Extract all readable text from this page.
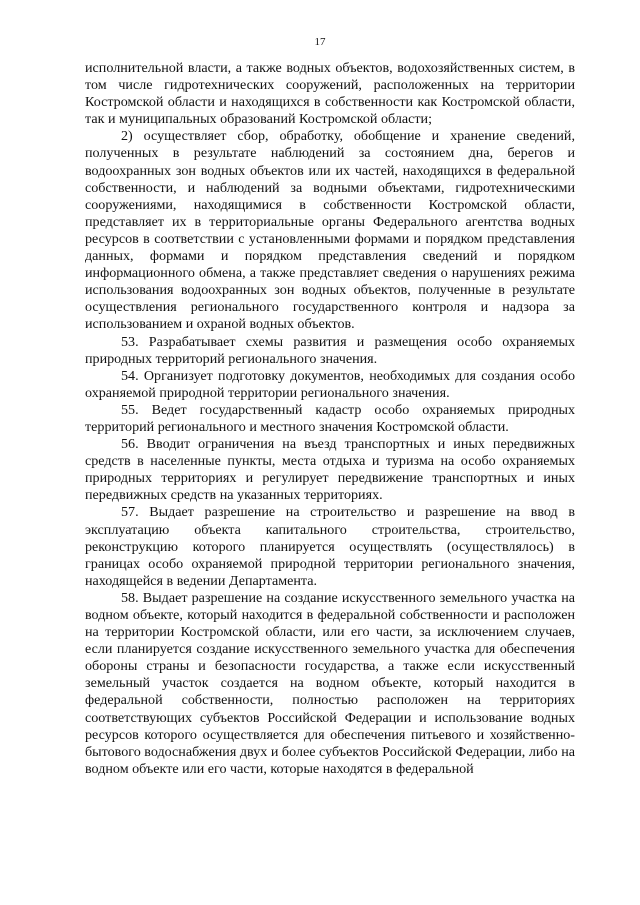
17

исполнительной власти, а также водных объектов, водохозяйственных систем, в том числе гидротехнических сооружений, расположенных на территории Костромской области и находящихся в собственности как Костромской области, так и муниципальных образований Костромской области;

2) осуществляет сбор, обработку, обобщение и хранение сведений, полученных в результате наблюдений за состоянием дна, берегов и водоохранных зон водных объектов или их частей, находящихся в федеральной собственности, и наблюдений за водными объектами, гидротехническими сооружениями, находящимися в собственности Костромской области, представляет их в территориальные органы Федерального агентства водных ресурсов в соответствии с установленными формами и порядком представления данных, формами и порядком представления сведений и порядком информационного обмена, а также представляет сведения о нарушениях режима использования водоохранных зон водных объектов, полученные в результате осуществления регионального государственного контроля и надзора за использованием и охраной водных объектов.

53. Разрабатывает схемы развития и размещения особо охраняемых природных территорий регионального значения.

54. Организует подготовку документов, необходимых для создания особо охраняемой природной территории регионального значения.

55. Ведет государственный кадастр особо охраняемых природных территорий регионального и местного значения Костромской области.

56. Вводит ограничения на въезд транспортных и иных передвижных средств в населенные пункты, места отдыха и туризма на особо охраняемых природных территориях и регулирует передвижение транспортных и иных передвижных средств на указанных территориях.

57. Выдает разрешение на строительство и разрешение на ввод в эксплуатацию объекта капитального строительства, строительство, реконструкцию которого планируется осуществлять (осуществлялось) в границах особо охраняемой природной территории регионального значения, находящейся в ведении Департамента.

58. Выдает разрешение на создание искусственного земельного участка на водном объекте, который находится в федеральной собственности и расположен на территории Костромской области, или его части, за исключением случаев, если планируется создание искусственного земельного участка для обеспечения обороны страны и безопасности государства, а также если искусственный земельный участок создается на водном объекте, который находится в федеральной собственности, полностью расположен на территориях соответствующих субъектов Российской Федерации и использование водных ресурсов которого осуществляется для обеспечения питьевого и хозяйственно-бытового водоснабжения двух и более субъектов Российской Федерации, либо на водном объекте или его части, которые находятся в федеральной
